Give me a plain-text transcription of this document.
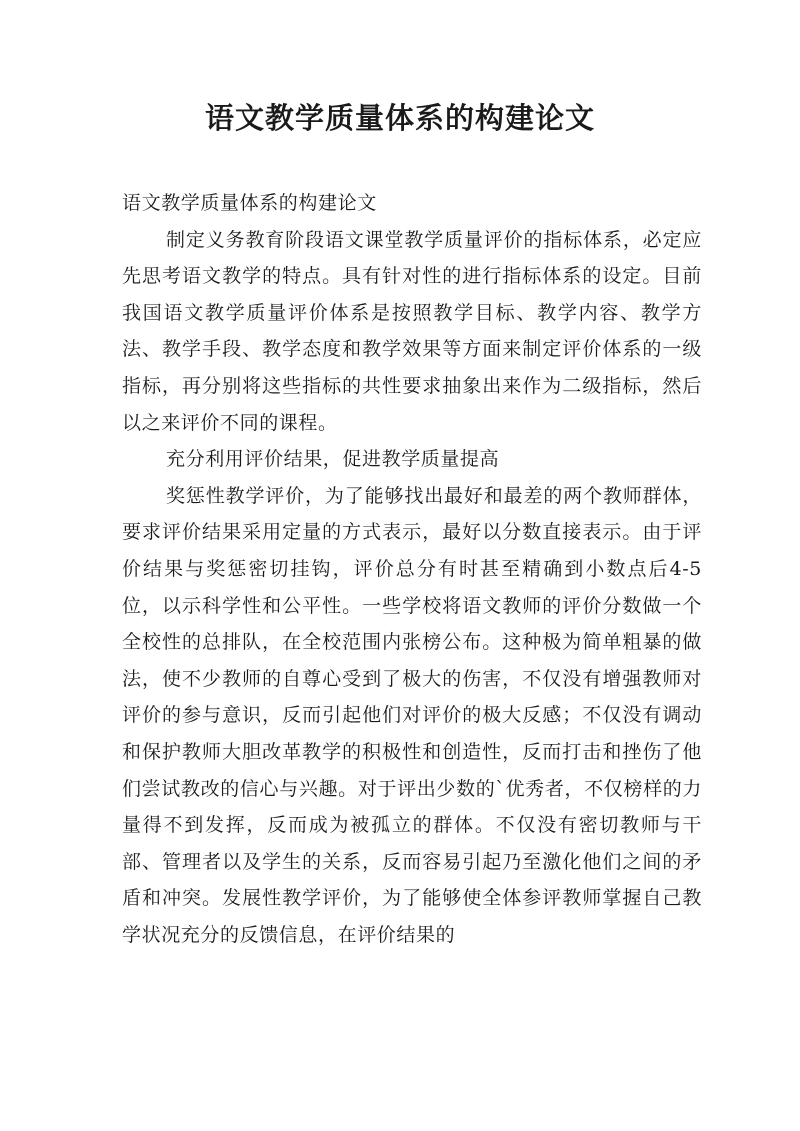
语文教学质量体系的构建论文

语文教学质量体系的构建论文

制定义务教育阶段语文课堂教学质量评价的指标体系，必定应先思考语文教学的特点。具有针对性的进行指标体系的设定。目前我国语文教学质量评价体系是按照教学目标、教学内容、教学方法、教学手段、教学态度和教学效果等方面来制定评价体系的一级指标，再分别将这些指标的共性要求抽象出来作为二级指标，然后以之来评价不同的课程。

充分利用评价结果，促进教学质量提高

奖惩性教学评价，为了能够找出最好和最差的两个教师群体，要求评价结果采用定量的方式表示，最好以分数直接表示。由于评价结果与奖惩密切挂钩，评价总分有时甚至精确到小数点后4-5位，以示科学性和公平性。一些学校将语文教师的评价分数做一个全校性的总排队，在全校范围内张榜公布。这种极为简单粗暴的做法，使不少教师的自尊心受到了极大的伤害，不仅没有增强教师对评价的参与意识，反而引起他们对评价的极大反感；不仅没有调动和保护教师大胆改革教学的积极性和创造性，反而打击和挫伤了他们尝试教改的信心与兴趣。对于评出少数的`优秀者，不仅榜样的力量得不到发挥，反而成为被孤立的群体。不仅没有密切教师与干部、管理者以及学生的关系，反而容易引起乃至激化他们之间的矛盾和冲突。发展性教学评价，为了能够使全体参评教师掌握自己教学状况充分的反馈信息，在评价结果的
